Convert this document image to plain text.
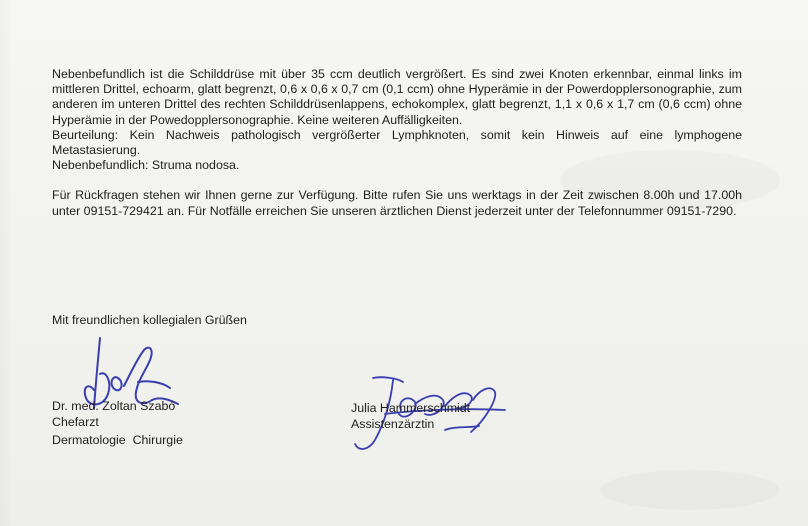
Nebenbefundlich ist die Schilddrüse mit über 35 ccm deutlich vergrößert. Es sind zwei Knoten erkennbar, einmal links im mittleren Drittel, echoarm, glatt begrenzt, 0,6 x 0,6 x 0,7 cm (0,1 ccm) ohne Hyperämie in der Powerdopplersonographie, zum anderen im unteren Drittel des rechten Schilddrüsenlappens, echokomplex, glatt begrenzt, 1,1 x 0,6 x 1,7 cm (0,6 ccm) ohne Hyperämie in der Powedopplersonographie. Keine weiteren Auffälligkeiten.

Beurteilung: Kein Nachweis pathologisch vergrößerter Lymphknoten, somit kein Hinweis auf eine lymphogene Metastasierung.

Nebenbefundlich: Struma nodosa.

Für Rückfragen stehen wir Ihnen gerne zur Verfügung. Bitte rufen Sie uns werktags in der Zeit zwischen 8.00h und 17.00h unter 09151-729421 an. Für Notfälle erreichen Sie unseren ärztlichen Dienst jederzeit unter der Telefonnummer 09151-7290.

Mit freundlichen kollegialen Grüßen
Dr. med. Zoltan Szabó
Chefarzt
Dermatologie  Chirurgie
Julia Hammerschmidt
Assistenzärztin
